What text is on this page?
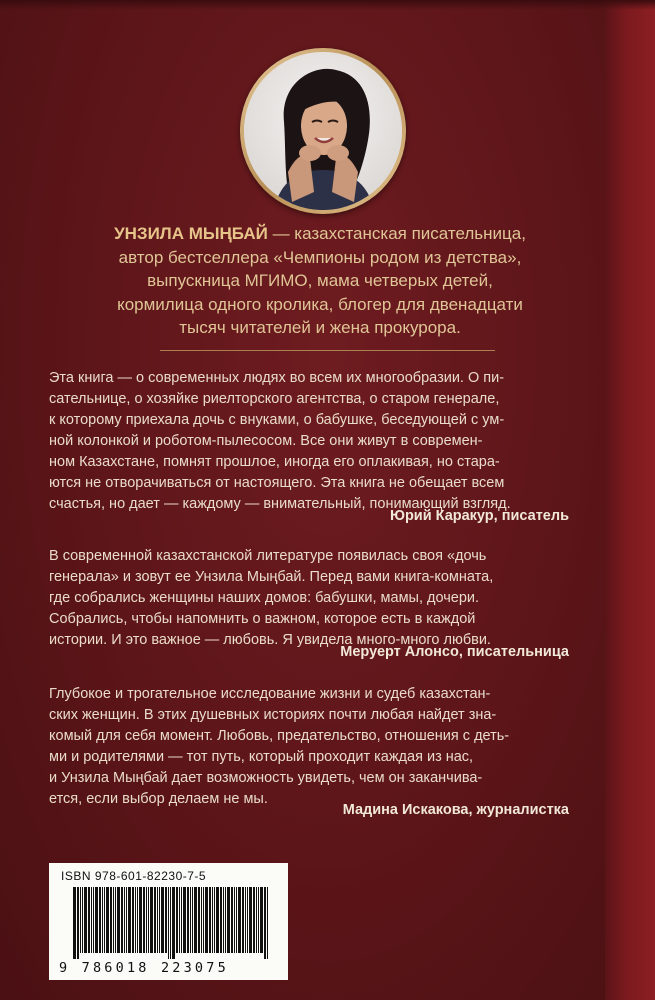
УНЗИЛА МЫҢБАЙ — казахстанская писательница,
автор бестселлера «Чемпионы родом из детства»,
выпускница МГИМО, мама четверых детей,
кормилица одного кролика, блогер для двенадцати
тысяч читателей и жена прокурора.

Эта книга — о современных людях во всем их многообразии. О пи-

сательнице, о хозяйке риелторского агентства, о старом генерале,

к которому приехала дочь с внуками, о бабушке, беседующей с ум-

ной колонкой и роботом-пылесосом. Все они живут в современ-

ном Казахстане, помнят прошлое, иногда его оплакивая, но стара-

ются не отворачиваться от настоящего. Эта книга не обещает всем

счастья, но дает — каждому — внимательный, понимающий взгляд.

Юрий Каракур, писатель

В современной казахстанской литературе появилась своя «дочь

генерала» и зовут ее Унзила Мыңбай. Перед вами книга-комната,

где собрались женщины наших домов: бабушки, мамы, дочери.

Собрались, чтобы напомнить о важном, которое есть в каждой

истории. И это важное — любовь. Я увидела много-много любви.

Меруерт Алонсо, писательница

Глубокое и трогательное исследование жизни и судеб казахстан-

ских женщин. В этих душевных историях почти любая найдет зна-

комый для себя момент. Любовь, предательство, отношения с деть-

ми и родителями — тот путь, который проходит каждая из нас,

и Унзила Мыңбай дает возможность увидеть, чем он заканчива-

ется, если выбор делаем не мы.

Мадина Искакова, журналистка
ISBN 978-601-82230-7-5
9 786018 223075
